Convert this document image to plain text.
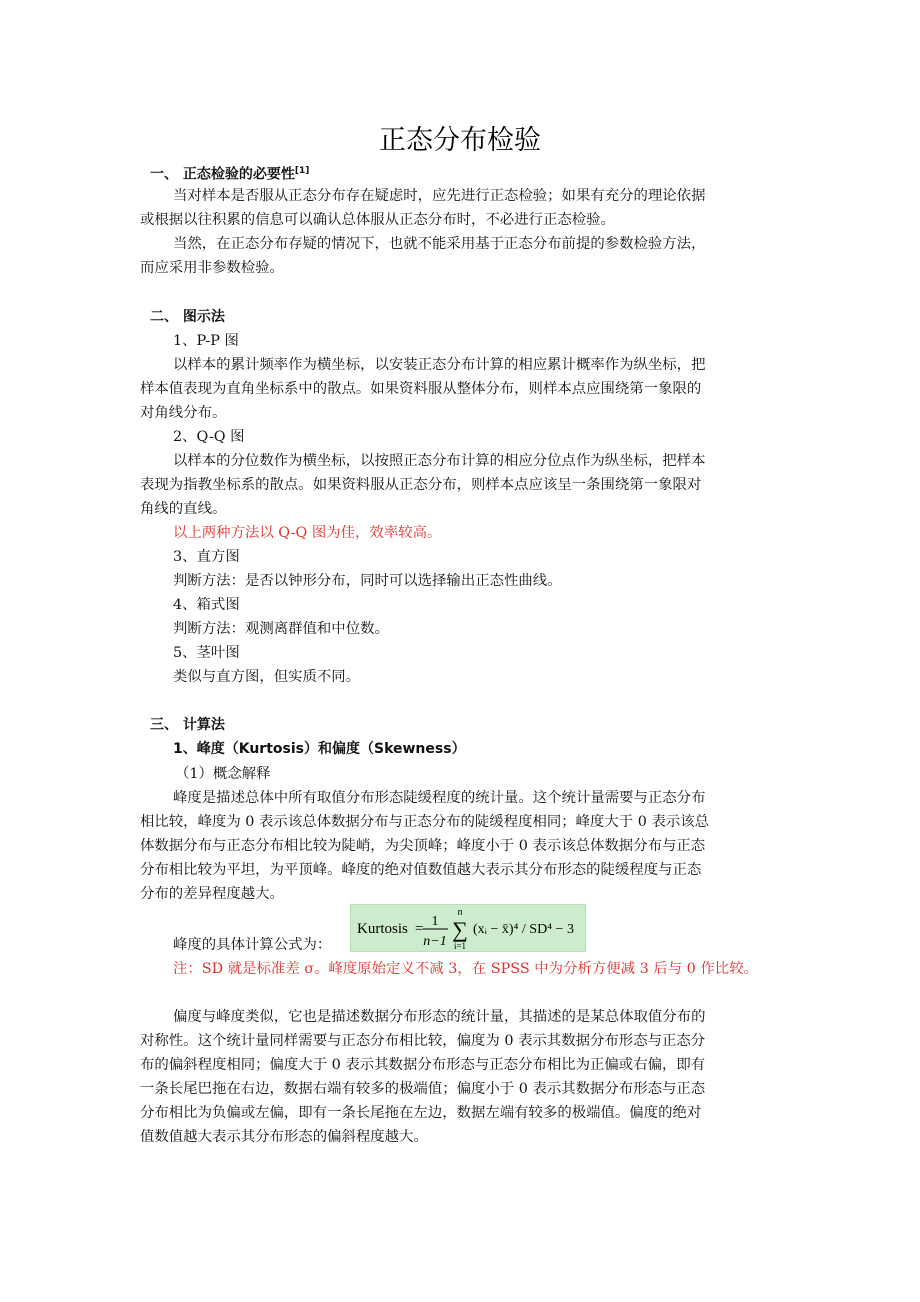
正态分布检验
一、 正态检验的必要性[1]
当对样本是否服从正态分布存在疑虑时，应先进行正态检验；如果有充分的理论依据
或根据以往积累的信息可以确认总体服从正态分布时，不必进行正态检验。
当然，在正态分布存疑的情况下，也就不能采用基于正态分布前提的参数检验方法，
而应采用非参数检验。
二、 图示法
1、P-P 图
以样本的累计频率作为横坐标，以安装正态分布计算的相应累计概率作为纵坐标，把
样本值表现为直角坐标系中的散点。如果资料服从整体分布，则样本点应围绕第一象限的
对角线分布。
2、Q-Q 图
以样本的分位数作为横坐标，以按照正态分布计算的相应分位点作为纵坐标，把样本
表现为指教坐标系的散点。如果资料服从正态分布，则样本点应该呈一条围绕第一象限对
角线的直线。
以上两种方法以 Q-Q 图为佳，效率较高。
3、直方图
判断方法：是否以钟形分布，同时可以选择输出正态性曲线。
4、箱式图
判断方法：观测离群值和中位数。
5、茎叶图
类似与直方图，但实质不同。
三、 计算法
1、峰度（Kurtosis）和偏度（Skewness）
（1）概念解释
峰度是描述总体中所有取值分布形态陡缓程度的统计量。这个统计量需要与正态分布
相比较，峰度为 0 表示该总体数据分布与正态分布的陡缓程度相同；峰度大于 0 表示该总
体数据分布与正态分布相比较为陡峭，为尖顶峰；峰度小于 0 表示该总体数据分布与正态
分布相比较为平坦，为平顶峰。峰度的绝对值数值越大表示其分布形态的陡缓程度与正态
分布的差异程度越大。
峰度的具体计算公式为：
Kurtosis = 1
n−1
n
∑
i=1
(xᵢ − x̄)⁴ / SD⁴ − 3
注：SD 就是标准差 σ。峰度原始定义不减 3，在 SPSS 中为分析方便减 3 后与 0 作比较。
偏度与峰度类似，它也是描述数据分布形态的统计量，其描述的是某总体取值分布的
对称性。这个统计量同样需要与正态分布相比较，偏度为 0 表示其数据分布形态与正态分
布的偏斜程度相同；偏度大于 0 表示其数据分布形态与正态分布相比为正偏或右偏，即有
一条长尾巴拖在右边，数据右端有较多的极端值；偏度小于 0 表示其数据分布形态与正态
分布相比为负偏或左偏，即有一条长尾拖在左边，数据左端有较多的极端值。偏度的绝对
值数值越大表示其分布形态的偏斜程度越大。
